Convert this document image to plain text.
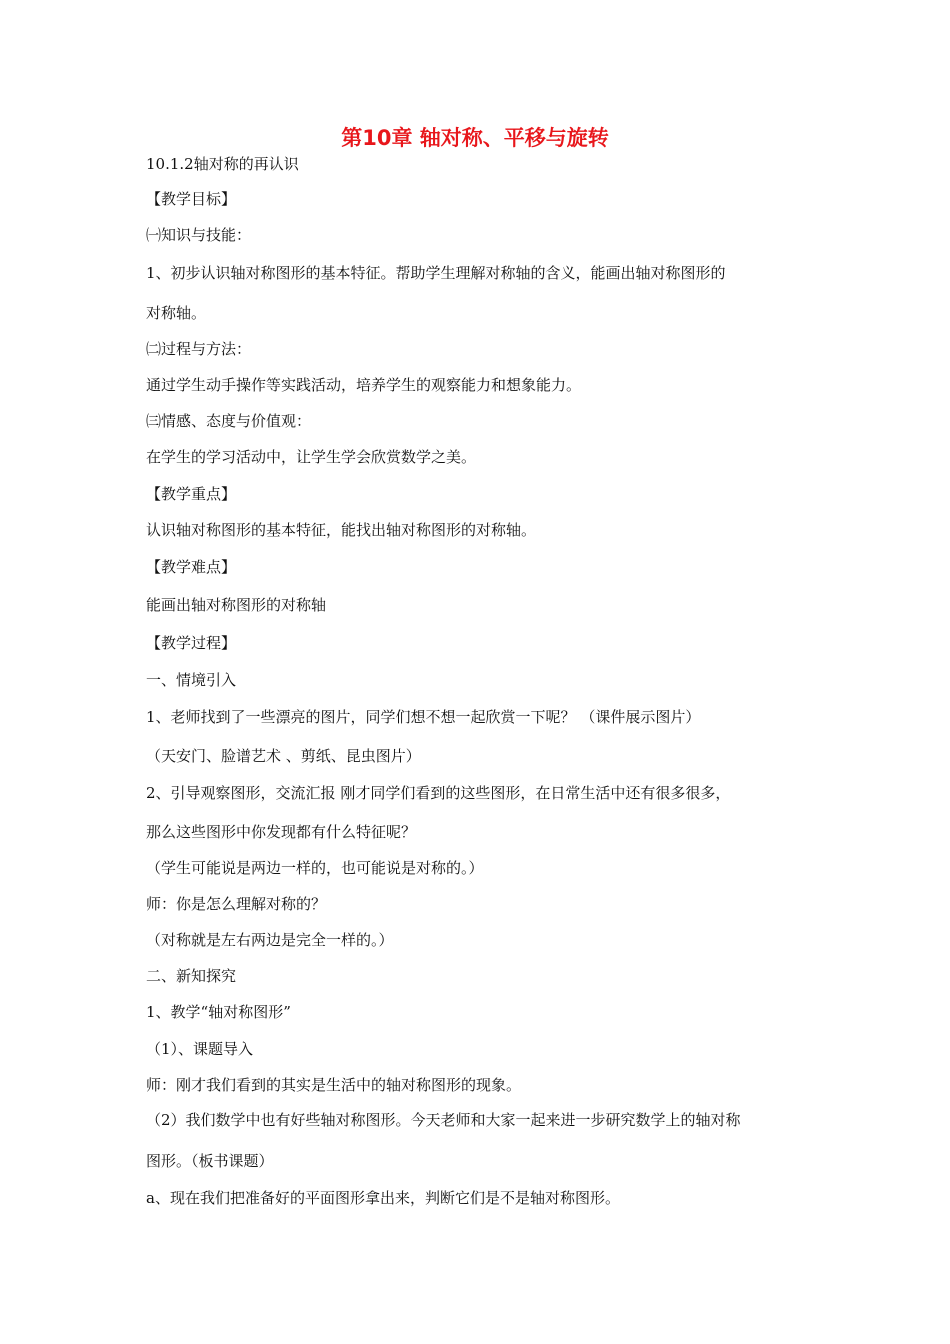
第10章 轴对称、平移与旋转
10.1.2轴对称的再认识
【教学目标】
㈠知识与技能：
1、初步认识轴对称图形的基本特征。帮助学生理解对称轴的含义，能画出轴对称图形的
对称轴。
㈡过程与方法：
通过学生动手操作等实践活动，培养学生的观察能力和想象能力。
㈢情感、态度与价值观：
在学生的学习活动中，让学生学会欣赏数学之美。
【教学重点】
认识轴对称图形的基本特征，能找出轴对称图形的对称轴。
【教学难点】
能画出轴对称图形的对称轴
【教学过程】
一、情境引入
1、老师找到了一些漂亮的图片，同学们想不想一起欣赏一下呢？ （课件展示图片）
（天安门、脸谱艺术 、剪纸、昆虫图片）
2、引导观察图形，交流汇报 刚才同学们看到的这些图形，在日常生活中还有很多很多，
那么这些图形中你发现都有什么特征呢？
（学生可能说是两边一样的，也可能说是对称的。）
师：你是怎么理解对称的？
（对称就是左右两边是完全一样的。）
二、新知探究
1、教学“轴对称图形”
（1）、课题导入
师：刚才我们看到的其实是生活中的轴对称图形的现象。
（2）我们数学中也有好些轴对称图形。今天老师和大家一起来进一步研究数学上的轴对称
图形。（板书课题）
a、现在我们把准备好的平面图形拿出来，判断它们是不是轴对称图形。
